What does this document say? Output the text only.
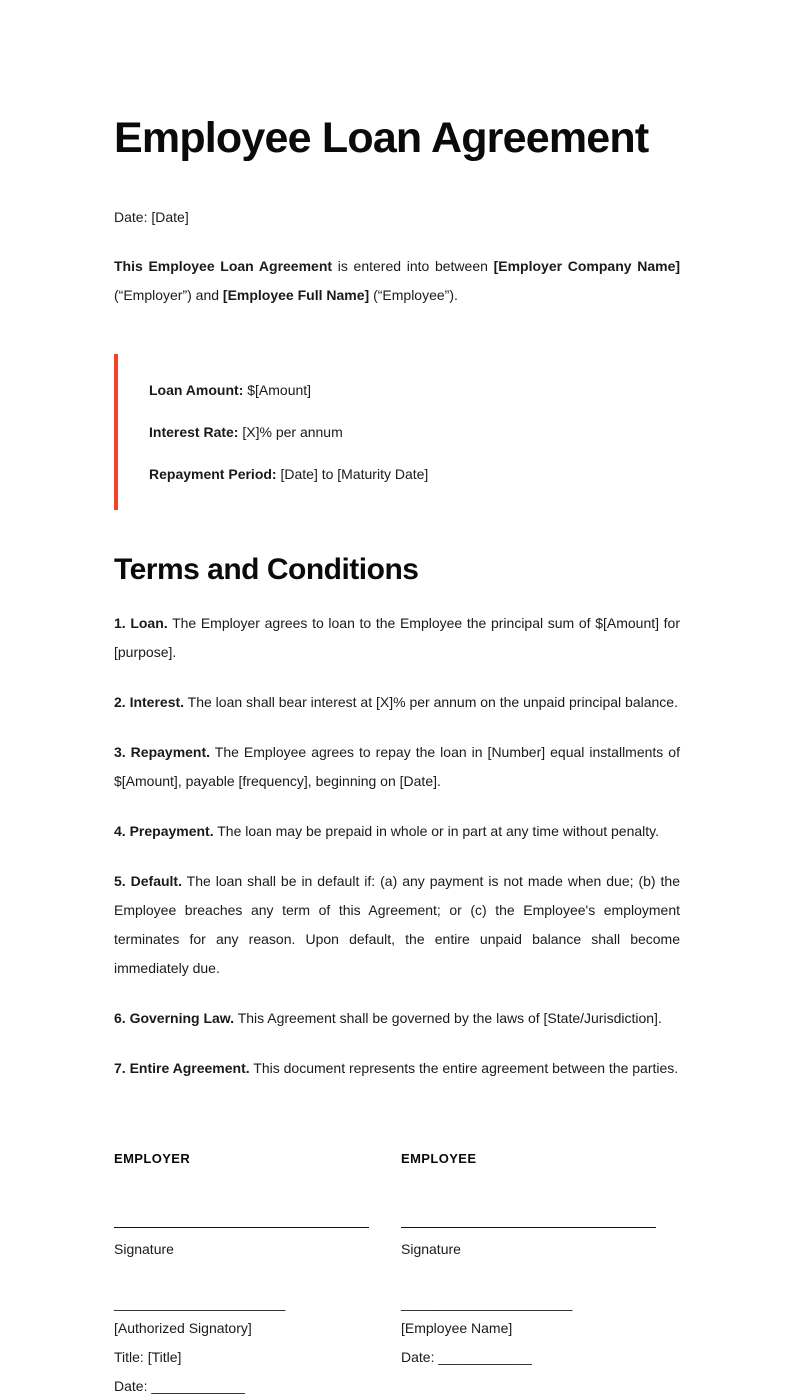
Employee Loan Agreement

Date: [Date]

This Employee Loan Agreement is entered into between [Employer Company Name] (“Employer”) and [Employee Full Name] (“Employee”).

Loan Amount: $[Amount]

Interest Rate: [X]% per annum

Repayment Period: [Date] to [Maturity Date]

Terms and Conditions

1. Loan. The Employer agrees to loan to the Employee the principal sum of $[Amount] for [purpose].

2. Interest. The loan shall bear interest at [X]% per annum on the unpaid principal balance.

3. Repayment. The Employee agrees to repay the loan in [Number] equal installments of $[Amount], payable [frequency], beginning on [Date].

4. Prepayment. The loan may be prepaid in whole or in part at any time without penalty.

5. Default. The loan shall be in default if: (a) any payment is not made when due; (b) the Employee breaches any term of this Agreement; or (c) the Employee's employment terminates for any reason. Upon default, the entire unpaid balance shall become immediately due.

6. Governing Law. This Agreement shall be governed by the laws of [State/Jurisdiction].

7. Entire Agreement. This document represents the entire agreement between the parties.

EMPLOYER

Signature

______________________

[Authorized Signatory]

Title: [Title]

Date: ____________

EMPLOYEE

Signature

______________________

[Employee Name]

Date: ____________
